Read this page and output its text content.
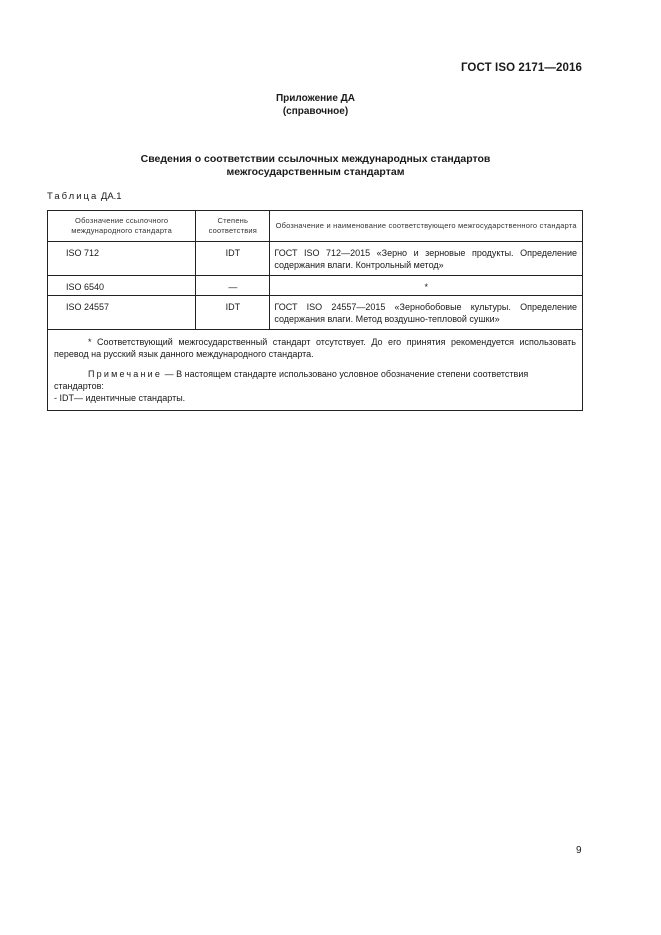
ГОСТ ISO 2171—2016
Приложение ДА
(справочное)
Сведения о соответствии ссылочных международных стандартов
межгосударственным стандартам
Таблица ДА.1
Обозначение ссылочного международного стандарта	Степень соответствия	Обозначение и наименование соответствующего межгосударственного стандарта
ISO 712	IDT	ГОСТ ISO 712—2015 «Зерно и зерновые продукты. Определение содержания влаги. Контрольный метод»
ISO 6540	—	*
ISO 24557	IDT	ГОСТ ISO 24557—2015 «Зернобобовые культуры. Определение содержания влаги. Метод воздушно-тепловой сушки»

* Соответствующий межгосударственный стандарт отсутствует. До его принятия рекомендуется использовать перевод на русский язык данного международного стандарта.

Примечание — В настоящем стандарте использовано условное обозначение степени соответствия стандартов:

- IDT— идентичные стандарты.		

9
